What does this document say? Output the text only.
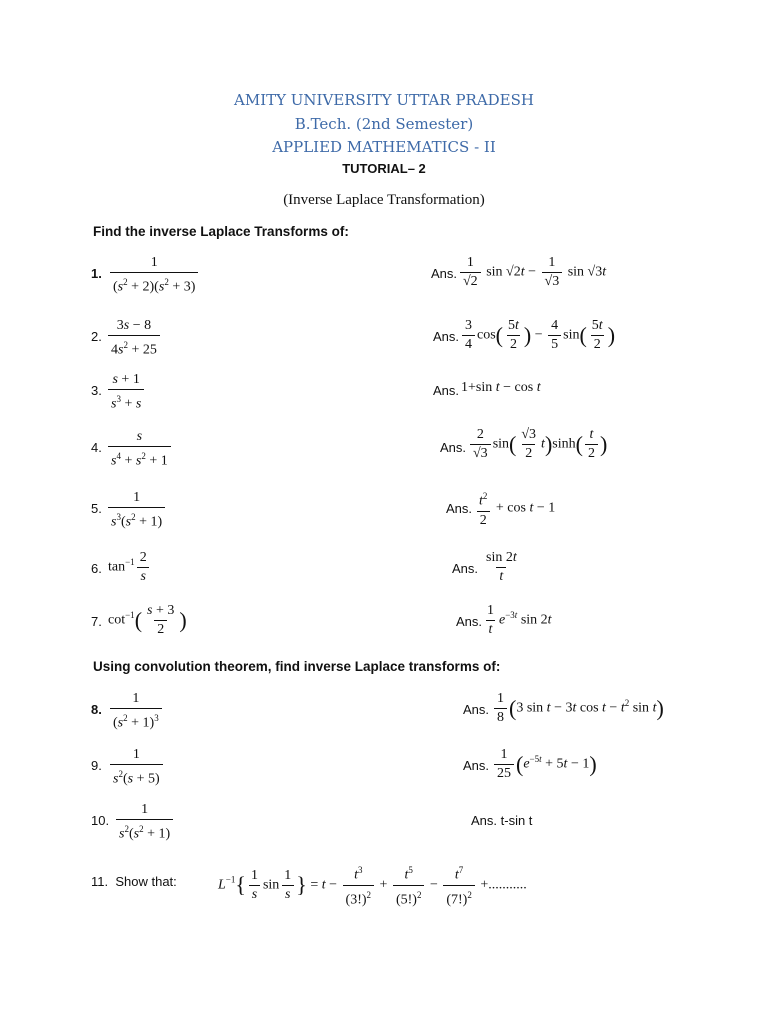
AMITY UNIVERSITY UTTAR PRADESH
B.Tech. (2nd Semester)
APPLIED MATHEMATICS - II
TUTORIAL– 2
(Inverse Laplace Transformation)
Find the inverse Laplace Transforms of:
1. $\frac{1}{(s^2 + 2)(s^2 + 3)}$	Ans. $\frac{1}{√2}$ $\sin √2t - \frac{1}{√3}$ sin √3t
2. $\frac{3s - 8}{4s^2 + 25}$	Ans. $\frac{3}{4} \cos( \frac{5t}{2}$ ) − $\frac{4}{5} \sin( \frac{5t}{2}$ )
3. $\frac{s + 1}{s^3 + s}$	Ans. 1+sin t − cos t
4. $\frac{s}{s^4 + s^2 + 1}$	Ans. $\frac{2}{√3} \sin( \frac{√3}{2} t)\sinh( \frac{t}{2}$ )
5. $\frac{1}{s^3(s^2 + 1)}$	Ans. $\frac{t^2}{2} + \cos t - 1$
6. $\tan^{-1} \frac{2}{s}$	Ans. $\frac{\sin 2t}{t}$
7. $\cot^{-1}( \frac{s + 3}{2}$ )	Ans. $\frac{1}{t} e^{-3t}$ sin 2t
Using convolution theorem, find inverse Laplace transforms of:
8. $\frac{1}{(s^2 + 1)^3}$	Ans. $\frac{1}{8} (3$ sin t − 3t $\cos t - t^2$ sin t)
9. $\frac{1}{s^2(s + 5)}$	Ans. $\frac{1}{25} (e^{-5t} + 5t - 1)$
10. $\frac{1}{s^2(s^2 + 1)}$	Ans. t-sin t
11. Show that:	$L^{-1}\{ \frac{1}{s}$ $\sin \frac{1}{s}$ } = $t - \frac{t^3}{(3!)^2} + \frac{t^5}{(5!)^2} - \frac{t^7}{(7!)^2}$ +...........
